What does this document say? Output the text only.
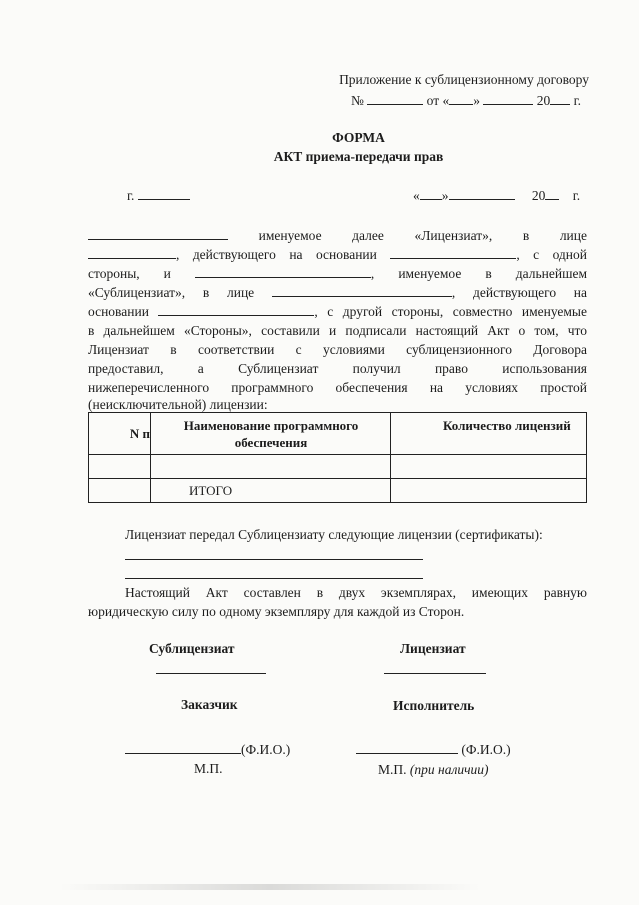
Приложение к сублицензионному договору
№	от « »	20 г.
ФОРМА
АКТ приема-передачи прав
г.	« »	20 г.
именуемое далее «Лицензиат», в лице
, действующего на основании	, с одной
стороны, и	, именуемое в дальнейшем
«Сублицензиат», в лице	, действующего на
основании	, с другой стороны, совместно именуемые
в дальнейшем «Стороны», составили и подписали настоящий Акт о том, что
Лицензиат в соответствии с условиями сублицензионного Договора
предоставил, а Сублицензиат получил право использования
нижеперечисленного программного обеспечения на условиях простой
(неисключительной) лицензии:
N п	Наименование программного обеспечения	Количество лицензий

	ИТОГО	
Лицензиат передал Сублицензиату следующие лицензии (сертификаты):
Настоящий Акт составлен в двух экземплярах, имеющих равную
юридическую силу по одному экземпляру для каждой из Сторон.
Сублицензиат	Лицензиат
Заказчик	Исполнитель
(Ф.И.О.)	(Ф.И.О.)
М.П.	М.П. (при наличии)
